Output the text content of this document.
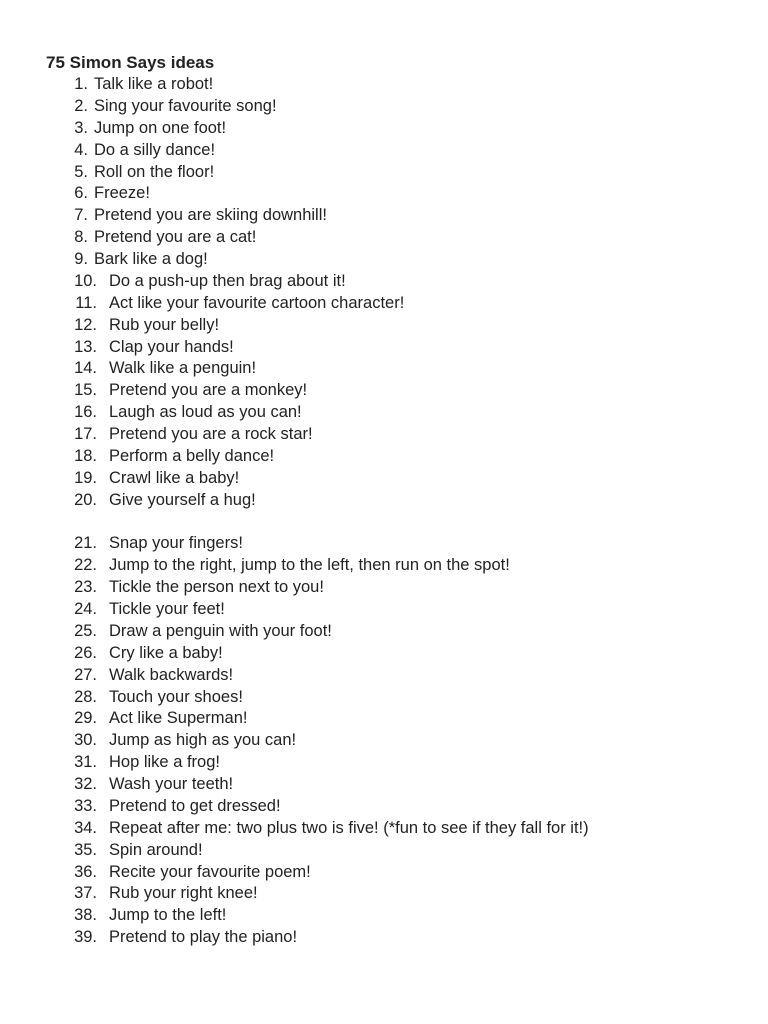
75 Simon Says ideas
1. Talk like a robot!
2. Sing your favourite song!
3. Jump on one foot!
4. Do a silly dance!
5. Roll on the floor!
6. Freeze!
7. Pretend you are skiing downhill!
8. Pretend you are a cat!
9. Bark like a dog!
10. Do a push-up then brag about it!
11. Act like your favourite cartoon character!
12. Rub your belly!
13. Clap your hands!
14. Walk like a penguin!
15. Pretend you are a monkey!
16. Laugh as loud as you can!
17. Pretend you are a rock star!
18. Perform a belly dance!
19. Crawl like a baby!
20. Give yourself a hug!
21. Snap your fingers!
22. Jump to the right, jump to the left, then run on the spot!
23. Tickle the person next to you!
24. Tickle your feet!
25. Draw a penguin with your foot!
26. Cry like a baby!
27. Walk backwards!
28. Touch your shoes!
29. Act like Superman!
30. Jump as high as you can!
31. Hop like a frog!
32. Wash your teeth!
33. Pretend to get dressed!
34. Repeat after me: two plus two is five! (*fun to see if they fall for it!)
35. Spin around!
36. Recite your favourite poem!
37. Rub your right knee!
38. Jump to the left!
39. Pretend to play the piano!
